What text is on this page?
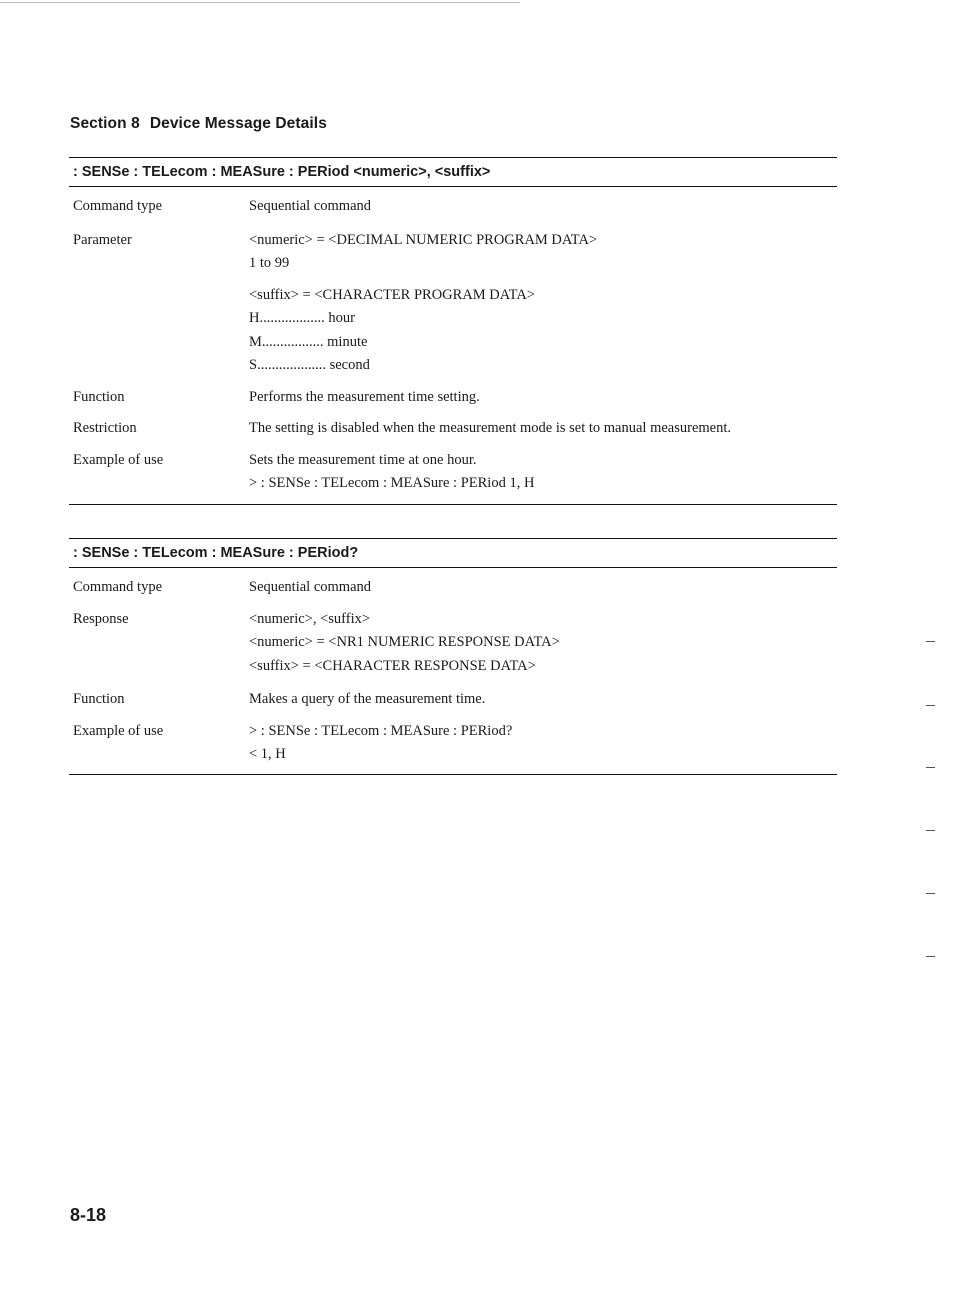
Section 8 Device Message Details
: SENSe : TELecom : MEASure : PERiod <numeric>, <suffix>
Command type	Sequential command
Parameter	<numeric> = <DECIMAL NUMERIC PROGRAM DATA>
1 to 99
<suffix> = <CHARACTER PROGRAM DATA>
H.................. hour
M................. minute
S................... second
Function	Performs the measurement time setting.
Restriction	The setting is disabled when the measurement mode is set to manual measurement.
Example of use	Sets the measurement time at one hour.
> : SENSe : TELecom : MEASure : PERiod 1, H
: SENSe : TELecom : MEASure : PERiod?
Command type	Sequential command
Response	<numeric>, <suffix>
<numeric> = <NR1 NUMERIC RESPONSE DATA>
<suffix> = <CHARACTER RESPONSE DATA>
Function	Makes a query of the measurement time.
Example of use	> : SENSe : TELecom : MEASure : PERiod?
< 1, H

8-18
